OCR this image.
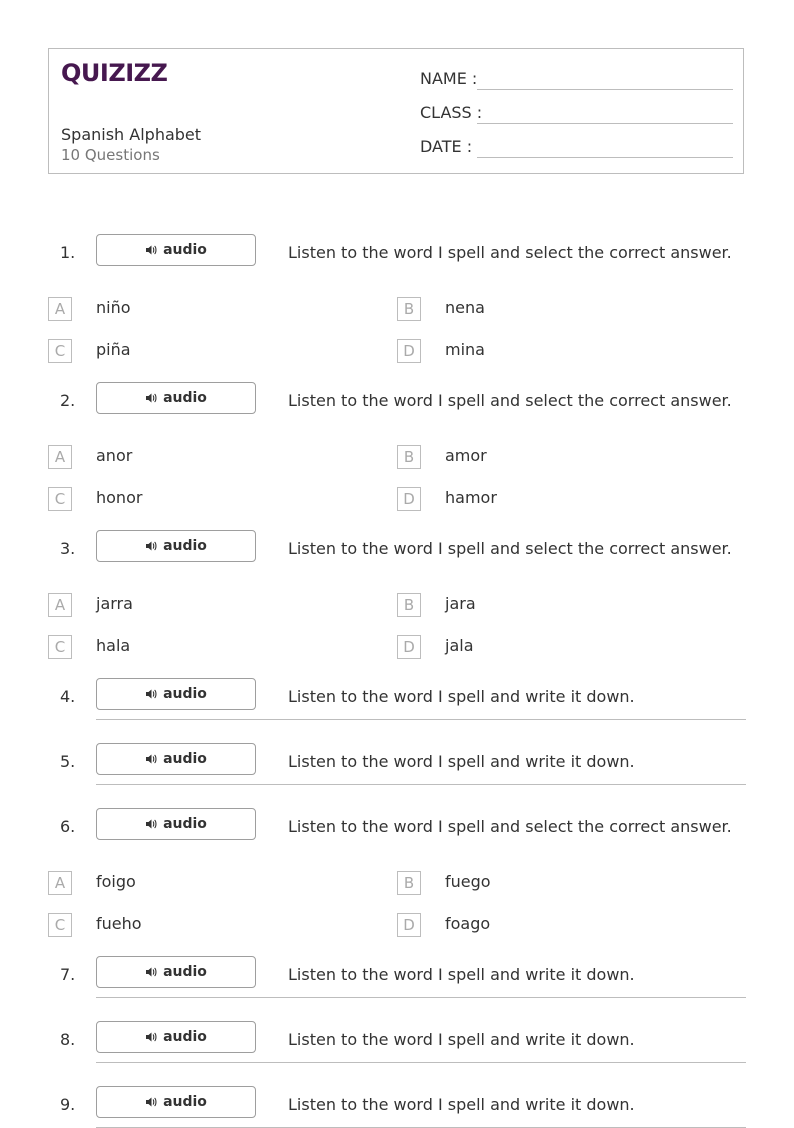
QUIZIZZ
Spanish Alphabet
10 Questions
NAME :
CLASS :
DATE :
1.	audio	Listen to the word I spell and select the correct answer.
A	niño	B	nena
C	piña	D	mina
2.	audio	Listen to the word I spell and select the correct answer.
A	anor	B	amor
C	honor	D	hamor
3.	audio	Listen to the word I spell and select the correct answer.
A	jarra	B	jara
C	hala	D	jala
4.	audio	Listen to the word I spell and write it down.
5.	audio	Listen to the word I spell and write it down.
6.	audio	Listen to the word I spell and select the correct answer.
A	foigo	B	fuego
C	fueho	D	foago
7.	audio	Listen to the word I spell and write it down.
8.	audio	Listen to the word I spell and write it down.
9.	audio	Listen to the word I spell and write it down.
